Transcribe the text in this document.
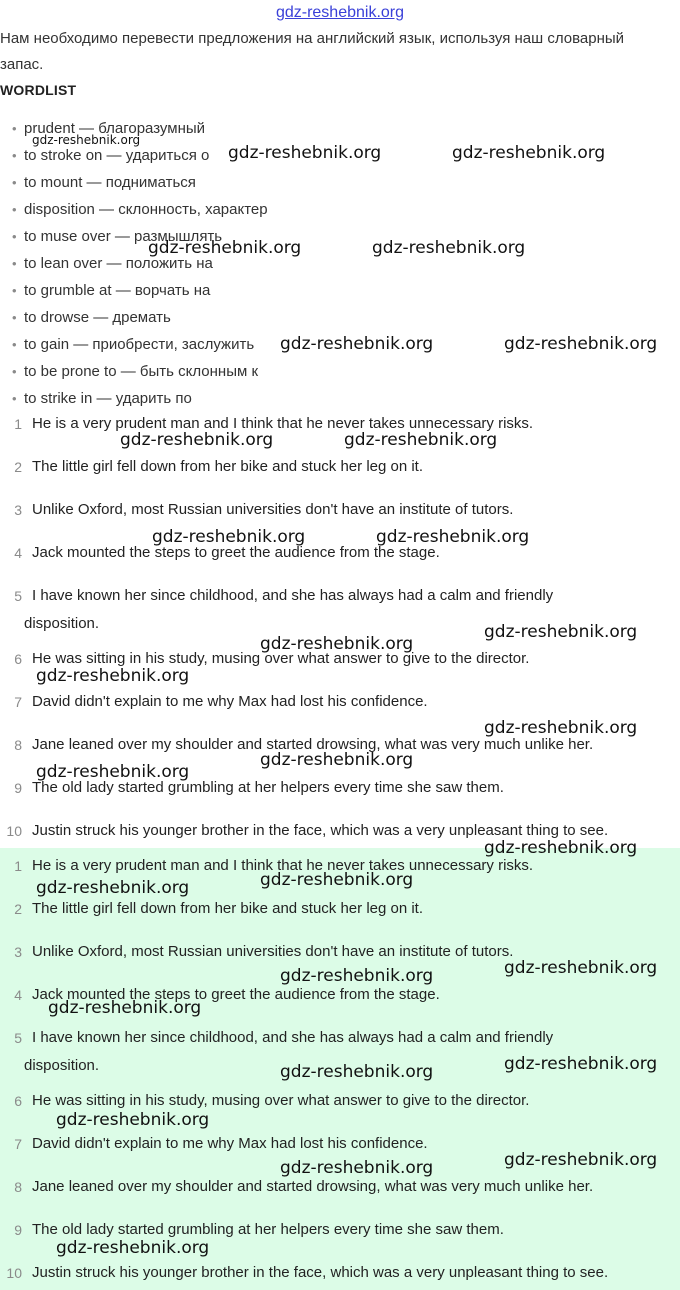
gdz-reshebnik.org
Нам необходимо перевести предложения на английский язык, используя наш словарный запас.
WORDLIST
• prudent — благоразумный
• to stroke on — удариться о
• to mount — подниматься
• disposition — склонность, характер
• to muse over — размышлять
• to lean over — положить на
• to grumble at — ворчать на
• to drowse — дремать
• to gain — приобрести, заслужить
• to be prone to — быть склонным к
• to strike in — ударить по
1 He is a very prudent man and I think that he never takes unnecessary risks.
2 The little girl fell down from her bike and stuck her leg on it.
3 Unlike Oxford, most Russian universities don't have an institute of tutors.
4 Jack mounted the steps to greet the audience from the stage.
5 I have known her since childhood, and she has always had a calm and friendly
disposition.
6 He was sitting in his study, musing over what answer to give to the director.
7 David didn't explain to me why Max had lost his confidence.
8 Jane leaned over my shoulder and started drowsing, what was very much unlike her.
9 The old lady started grumbling at her helpers every time she saw them.
10 Justin struck his younger brother in the face, which was a very unpleasant thing to see.
1 He is a very prudent man and I think that he never takes unnecessary risks.
2 The little girl fell down from her bike and stuck her leg on it.
3 Unlike Oxford, most Russian universities don't have an institute of tutors.
4 Jack mounted the steps to greet the audience from the stage.
5 I have known her since childhood, and she has always had a calm and friendly
disposition.
6 He was sitting in his study, musing over what answer to give to the director.
7 David didn't explain to me why Max had lost his confidence.
8 Jane leaned over my shoulder and started drowsing, what was very much unlike her.
9 The old lady started grumbling at her helpers every time she saw them.
10 Justin struck his younger brother in the face, which was a very unpleasant thing to see.
gdz-reshebnik.org
gdz-reshebnik.org	gdz-reshebnik.org
gdz-reshebnik.org	gdz-reshebnik.org
gdz-reshebnik.org	gdz-reshebnik.org
gdz-reshebnik.org	gdz-reshebnik.org
gdz-reshebnik.org	gdz-reshebnik.org
gdz-reshebnik.org
gdz-reshebnik.org
gdz-reshebnik.org
gdz-reshebnik.org
gdz-reshebnik.org
gdz-reshebnik.org
gdz-reshebnik.org
gdz-reshebnik.org
gdz-reshebnik.org
gdz-reshebnik.org
gdz-reshebnik.org
gdz-reshebnik.org
gdz-reshebnik.org
gdz-reshebnik.org
gdz-reshebnik.org
gdz-reshebnik.org
gdz-reshebnik.org
gdz-reshebnik.org
